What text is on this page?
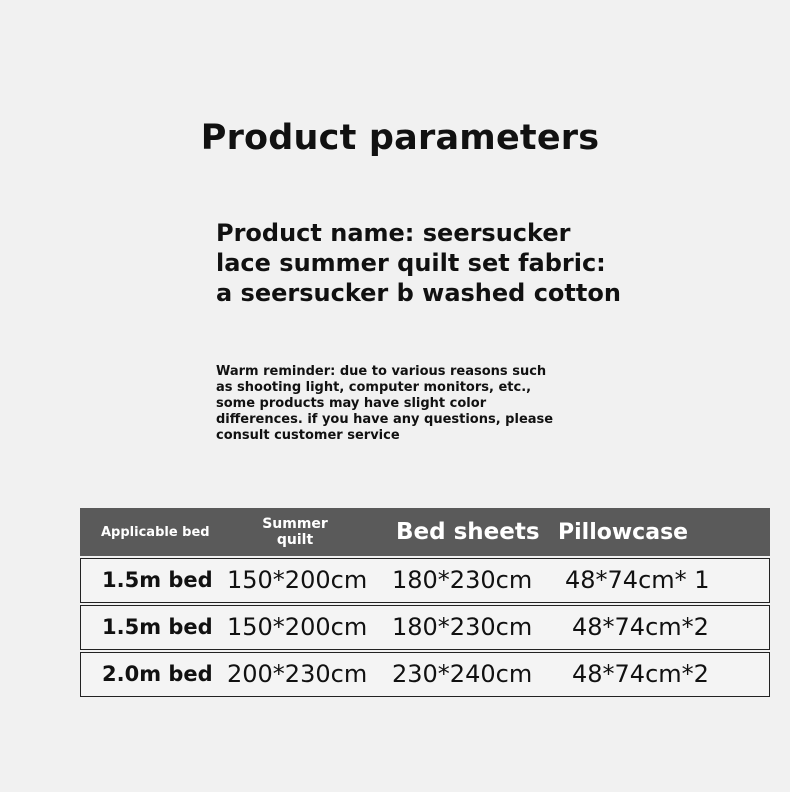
Product parameters
Product name: seersucker
lace summer quilt set fabric:
a seersucker b washed cotton
Warm reminder: due to various reasons such
as shooting light, computer monitors, etc.,
some products may have slight color
differences. if you have any questions, please
consult customer service
Applicable bed	Summer
quilt	Bed sheets Pillowcase
1.5m bed 150*200cm 180*230cm 48*74cm* 1
1.5m bed 150*200cm 180*230cm 48*74cm*2
2.0m bed 200*230cm 230*240cm 48*74cm*2
